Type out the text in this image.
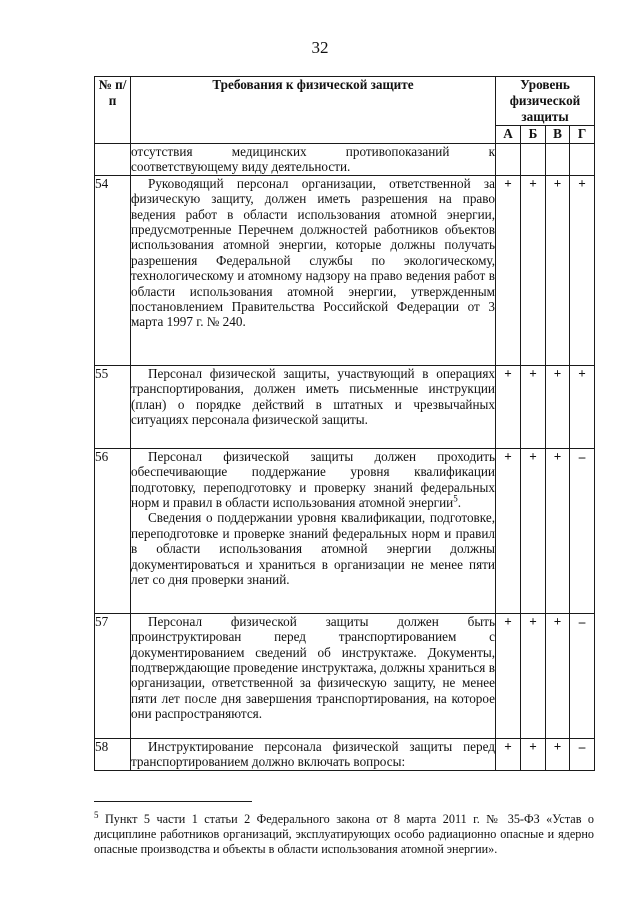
32
№ п/п	Требования к физической защите	Уровень физической защиты			
		А	Б	В	Г

	отсутствия медицинских противопоказаний к соответствующему виду деятельности.				

54	Руководящий персонал организации, ответственной за физическую защиту, должен иметь разрешения на право ведения работ в области использования атомной энергии, предусмотренные Перечнем должностей работников объектов использования атомной энергии, которые должны получать разрешения Федеральной службы по экологическому, технологическому и атомному надзору на право ведения работ в области использования атомной энергии, утвержденным постановлением Правительства Российской Федерации от 3 марта 1997 г. № 240.	+	+	+	+
55	Персонал физической защиты, участвующий в операциях транспортирования, должен иметь письменные инструкции (план) о порядке действий в штатных и чрезвычайных ситуациях персонала физической защиты.	+	+	+	+
56	Персонал физической защиты должен проходить обеспечивающие поддержание уровня квалификации подготовку, переподготовку и проверку знаний федеральных норм и правил в области использования атомной энергии$^5$.

Сведения о поддержании уровня квалификации, подготовке, переподготовке и проверке знаний федеральных норм и правил в области использования атомной энергии должны документироваться и храниться в организации не менее пяти лет со дня проверки знаний.	+	+	+	–
57	Персонал физической защиты должен быть проинструктирован перед транспортированием с документированием сведений об инструктаже. Документы, подтверждающие проведение инструктажа, должны храниться в организации, ответственной за физическую защиту, не менее пяти лет после дня завершения транспортирования, на которое они распространяются.	+	+	+	–
58	Инструктирование персонала физической защиты перед транспортированием должно включать вопросы:	+	+	+	–

$^5$ Пункт 5 части 1 статьи 2 Федерального закона от 8 марта 2011 г. № 35-ФЗ «Устав о дисциплине работников организаций, эксплуатирующих особо радиационно опасные и ядерно опасные производства и объекты в области использования атомной энергии».
